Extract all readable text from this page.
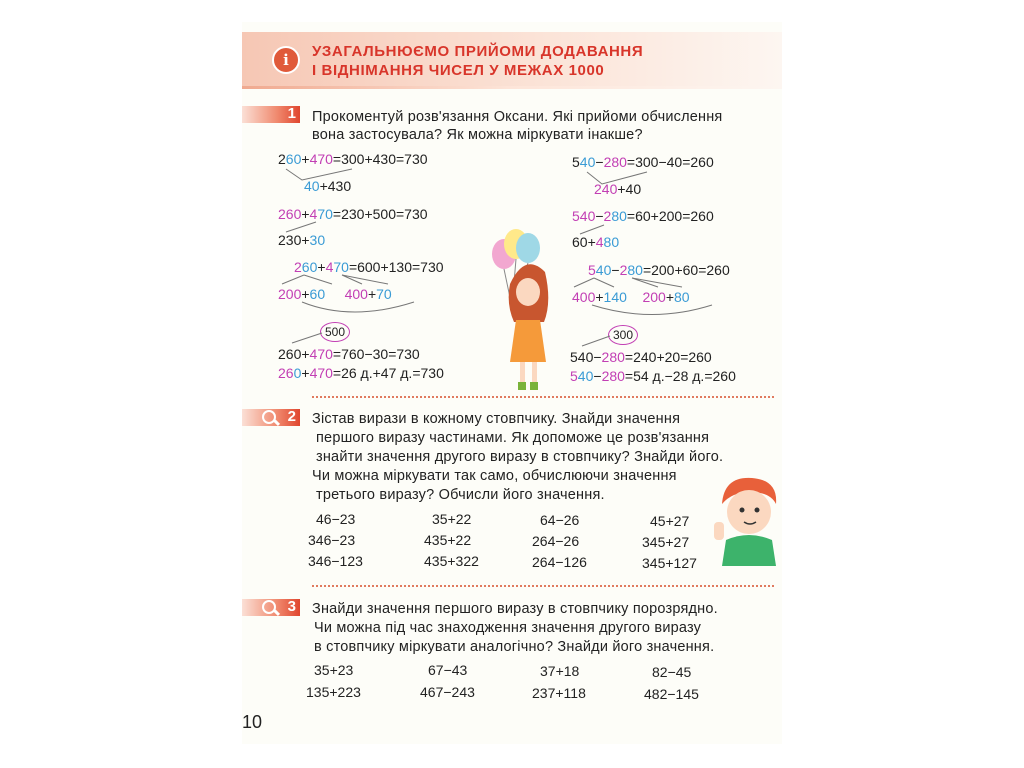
i	УЗАГАЛЬНЮЄМО ПРИЙОМИ ДОДАВАННЯ
І ВІДНІМАННЯ ЧИСЕЛ У МЕЖАХ 1000
1 Прокоментуй розв'язання Оксани. Які прийоми обчислення
вона застосувала? Як можна міркувати інакше?
260+470=300+430=730
40+430
260+470=230+500=730
230+30
260+470=600+130=730
200+60 400+70
260+470=760−30=730
260+470=26 д.+47 д.=730
540−280=300−40=260
240+40
540−280=60+200=260
60+480
540−280=200+60=260
400+140 200+80
540−280=240+20=260
540−280=54 д.−28 д.=260
500	300
2 Зістав вирази в кожному стовпчику. Знайди значення
першого виразу частинами. Як допоможе це розв'язання
знайти значення другого виразу в стовпчику? Знайди його.
Чи можна міркувати так само, обчислюючи значення
третього виразу? Обчисли його значення.
46−23
346−23
346−123
35+22
435+22
435+322
64−26
264−26
264−126
45+27
345+27
345+127
3 Знайди значення першого виразу в стовпчику порозрядно.
Чи можна під час знаходження значення другого виразу
в стовпчику міркувати аналогічно? Знайди його значення.
35+23
135+223
67−43
467−243
37+18
237+118
82−45
482−145
10
